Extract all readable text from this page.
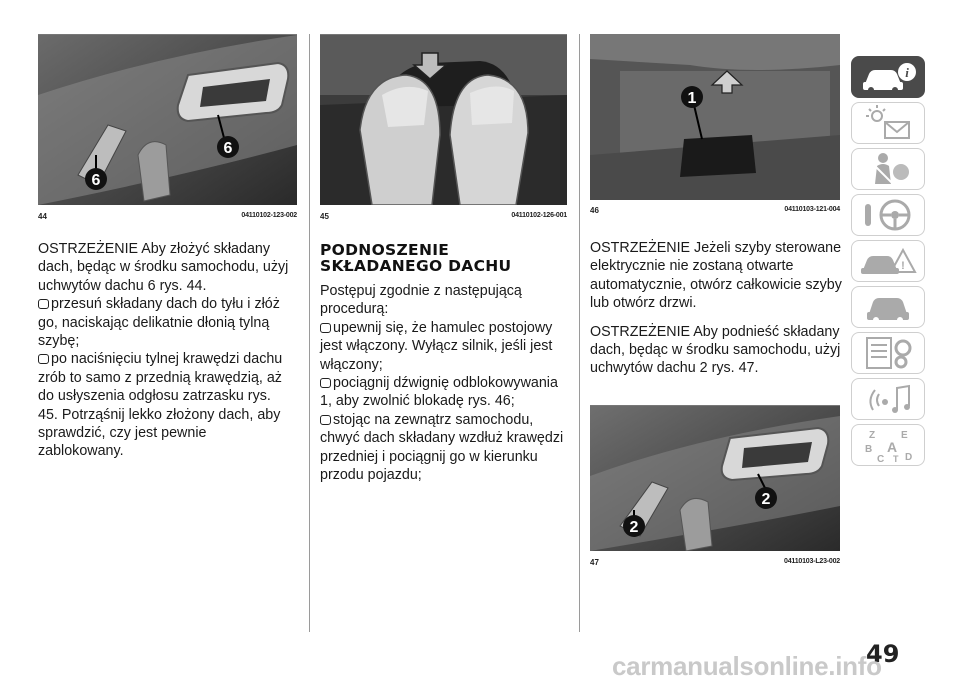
6
6
44	04110102-123-002

OSTRZEŻENIE Aby złożyć składany dach, będąc w środku samochodu, użyj uchwytów dachu 6 rys. 44.

przesuń składany dach do tyłu i złóż go, naciskając delikatnie dłonią tylną szybę;

po naciśnięciu tylnej krawędzi dachu zrób to samo z przednią krawędzią, aż do usłyszenia odgłosu zatrzasku rys. 45. Potrząśnij lekko złożony dach, aby sprawdzić, czy jest pewnie zablokowany.

45	04110102-126-001
PODNOSZENIE
SKŁADANEGO DACHU

Postępuj zgodnie z następującą procedurą:

upewnij się, że hamulec postojowy jest włączony. Wyłącz silnik, jeśli jest włączony;

pociągnij dźwignię odblokowywania 1, aby zwolnić blokadę rys. 46;

stojąc na zewnątrz samochodu, chwyć dach składany wzdłuż krawędzi przedniej i pociągnij go w kierunku przodu pojazdu;

1
46	04110103-121-004

OSTRZEŻENIE Jeżeli szyby sterowane elektrycznie nie zostaną otwarte automatycznie, otwórz całkowicie szyby lub otwórz drzwi.

OSTRZEŻENIE Aby podnieść składany dach, będąc w środku samochodu, użyj uchwytów dachu 2 rys. 47.

2
2
47	04110103-L23-002
i
!
Z	E
B A
C D
T
49
carmanualsonline.info
